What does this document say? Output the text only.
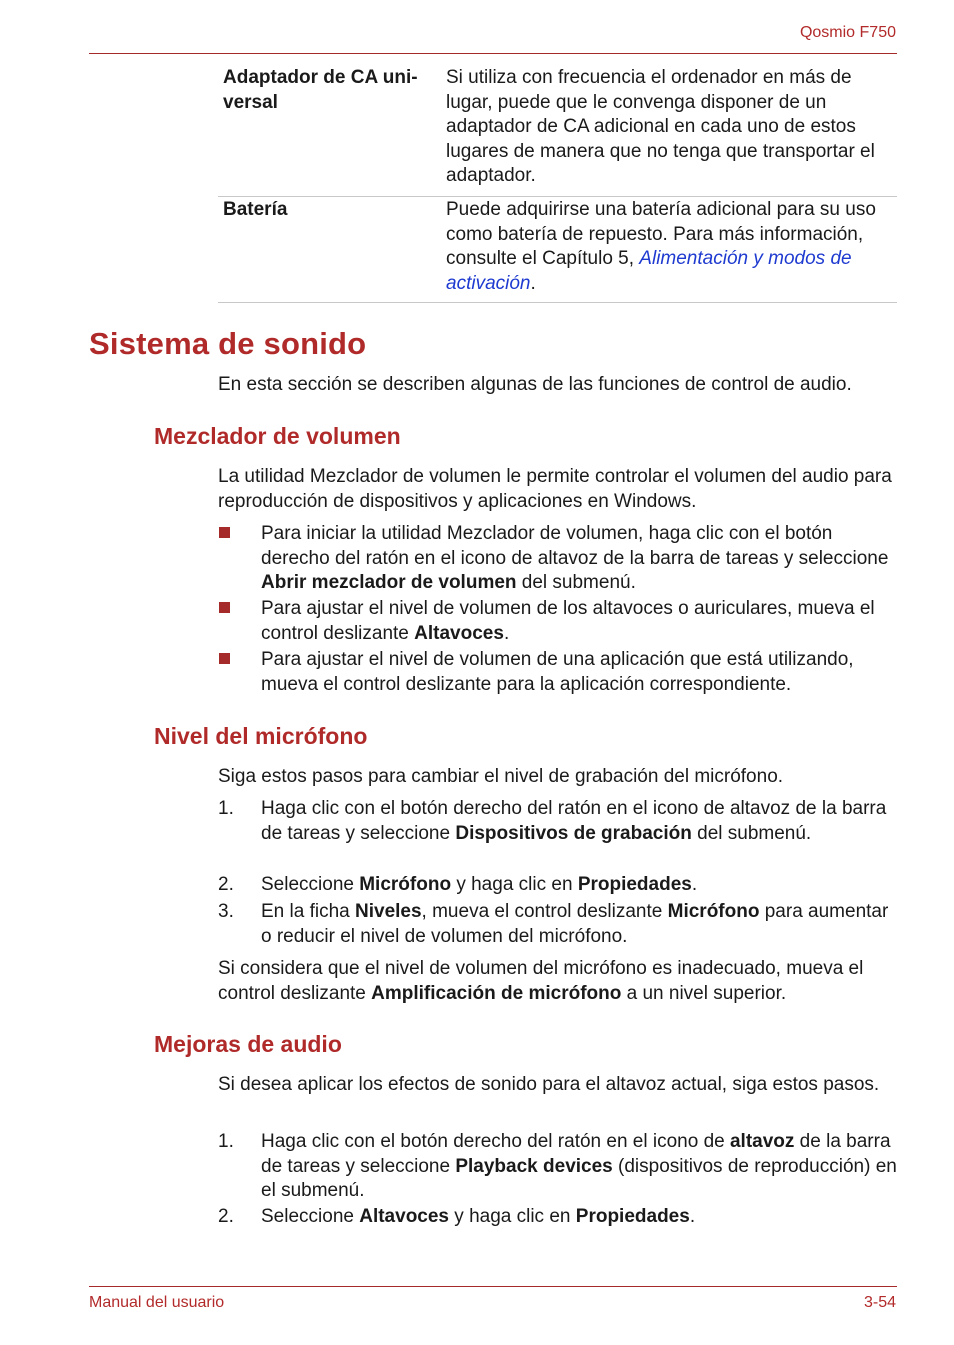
Qosmio F750
Adaptador de CA uni-
versal
Si utiliza con frecuencia el ordenador en más de lugar, puede que le convenga disponer de un adaptador de CA adicional en cada uno de estos lugares de manera que no tenga que transportar el adaptador.
Batería	Puede adquirirse una batería adicional para su uso como batería de repuesto. Para más información, consulte el Capítulo 5, Alimentación y modos de activación.
Sistema de sonido

En esta sección se describen algunas de las funciones de control de audio.

Mezclador de volumen

La utilidad Mezclador de volumen le permite controlar el volumen del audio para reproducción de dispositivos y aplicaciones en Windows.

Para iniciar la utilidad Mezclador de volumen, haga clic con el botón derecho del ratón en el icono de altavoz de la barra de tareas y seleccione Abrir mezclador de volumen del submenú.
Para ajustar el nivel de volumen de los altavoces o auriculares, mueva el control deslizante Altavoces.
Para ajustar el nivel de volumen de una aplicación que está utilizando, mueva el control deslizante para la aplicación correspondiente.
Nivel del micrófono

Siga estos pasos para cambiar el nivel de grabación del micrófono.

1. Haga clic con el botón derecho del ratón en el icono de altavoz de la barra de tareas y seleccione Dispositivos de grabación del submenú.
2. Seleccione Micrófono y haga clic en Propiedades.
3. En la ficha Niveles, mueva el control deslizante Micrófono para aumentar o reducir el nivel de volumen del micrófono.

Si considera que el nivel de volumen del micrófono es inadecuado, mueva el control deslizante Amplificación de micrófono a un nivel superior.

Mejoras de audio

Si desea aplicar los efectos de sonido para el altavoz actual, siga estos pasos.

1. Haga clic con el botón derecho del ratón en el icono de altavoz de la barra de tareas y seleccione Playback devices (dispositivos de reproducción) en el submenú.
2. Seleccione Altavoces y haga clic en Propiedades.
Manual del usuario	3-54
